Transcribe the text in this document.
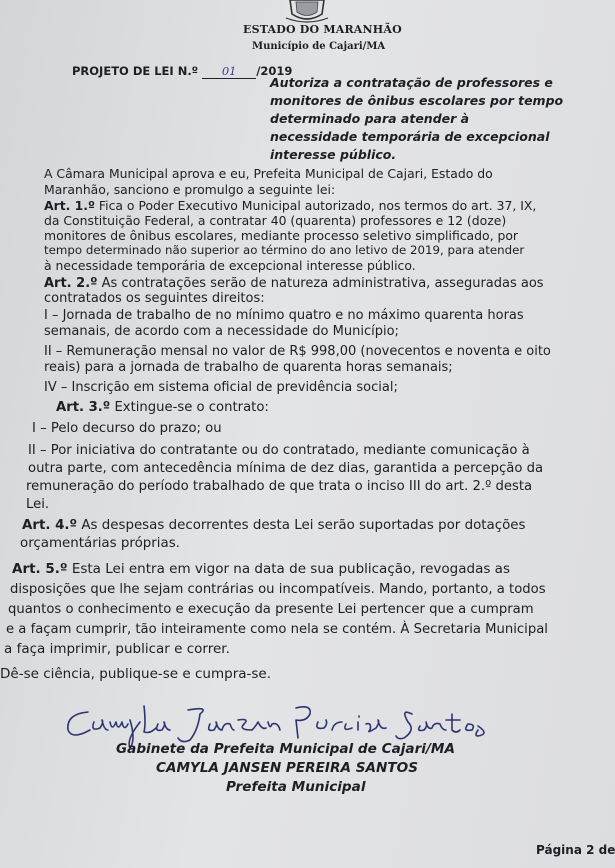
ESTADO DO MARANHÃO
Município de Cajari/MA
PROJETO DE LEI N.º 01 /2019
Autoriza a contratação de professores e
monitores de ônibus escolares por tempo
determinado para atender à
necessidade temporária de excepcional
interesse público.
A Câmara Municipal aprova e eu, Prefeita Municipal de Cajari, Estado do
Maranhão, sanciono e promulgo a seguinte lei:
Art. 1.º Fica o Poder Executivo Municipal autorizado, nos termos do art. 37, IX,
da Constituição Federal, a contratar 40 (quarenta) professores e 12 (doze)
monitores de ônibus escolares, mediante processo seletivo simplificado, por
tempo determinado não superior ao término do ano letivo de 2019, para atender
à necessidade temporária de excepcional interesse público.
Art. 2.º As contratações serão de natureza administrativa, asseguradas aos
contratados os seguintes direitos:
I – Jornada de trabalho de no mínimo quatro e no máximo quarenta horas
semanais, de acordo com a necessidade do Município;
II – Remuneração mensal no valor de R$ 998,00 (novecentos e noventa e oito
reais) para a jornada de trabalho de quarenta horas semanais;
IV – Inscrição em sistema oficial de previdência social;
Art. 3.º Extingue-se o contrato:
I – Pelo decurso do prazo; ou
II – Por iniciativa do contratante ou do contratado, mediante comunicação à
outra parte, com antecedência mínima de dez dias, garantida a percepção da
remuneração do período trabalhado de que trata o inciso III do art. 2.º desta
Lei.
Art. 4.º As despesas decorrentes desta Lei serão suportadas por dotações
orçamentárias próprias.
Art. 5.º Esta Lei entra em vigor na data de sua publicação, revogadas as
disposições que lhe sejam contrárias ou incompatíveis. Mando, portanto, a todos
quantos o conhecimento e execução da presente Lei pertencer que a cumpram
e a façam cumprir, tão inteiramente como nela se contém. À Secretaria Municipal
a faça imprimir, publicar e correr.
Dê-se ciência, publique-se e cumpra-se.
Gabinete da Prefeita Municipal de Cajari/MA
CAMYLA JANSEN PEREIRA SANTOS
Prefeita Municipal
Página 2 de
